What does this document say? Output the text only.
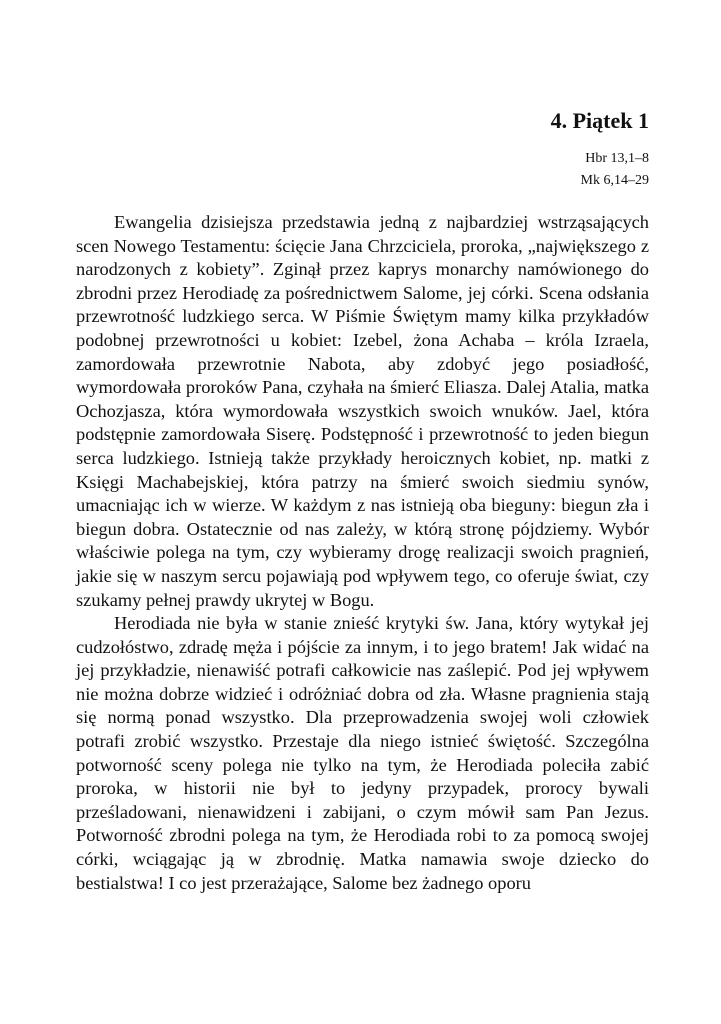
4. Piątek 1
Hbr 13,1–8
Mk 6,14–29

Ewangelia dzisiejsza przedstawia jedną z najbardziej wstrząsających scen Nowego Testamentu: ścięcie Jana Chrzciciela, proroka, „największego z narodzonych z kobiety”. Zginął przez kaprys monarchy namówionego do zbrodni przez Herodiadę za pośrednictwem Salome, jej córki. Scena odsłania przewrotność ludzkiego serca. W Piśmie Świętym mamy kilka przykładów podobnej przewrotności u kobiet: Izebel, żona Achaba – króla Izraela, zamordowała przewrotnie Nabota, aby zdobyć jego posiadłość, wymordowała proroków Pana, czyhała na śmierć Eliasza. Dalej Atalia, matka Ochozjasza, która wymordowała wszystkich swoich wnuków. Jael, która podstępnie zamordowała Siserę. Podstępność i przewrotność to jeden biegun serca ludzkiego. Istnieją także przykłady heroicznych kobiet, np. matki z Księgi Machabejskiej, która patrzy na śmierć swoich siedmiu synów, umacniając ich w wierze. W każdym z nas istnieją oba bieguny: biegun zła i biegun dobra. Ostatecznie od nas zależy, w którą stronę pójdziemy. Wybór właściwie polega na tym, czy wybieramy drogę realizacji swoich pragnień, jakie się w naszym sercu pojawiają pod wpływem tego, co oferuje świat, czy szukamy pełnej prawdy ukrytej w Bogu.

Herodiada nie była w stanie znieść krytyki św. Jana, który wytykał jej cudzołóstwo, zdradę męża i pójście za innym, i to jego bratem! Jak widać na jej przykładzie, nienawiść potrafi całkowicie nas zaślepić. Pod jej wpływem nie można dobrze widzieć i odróżniać dobra od zła. Własne pragnienia stają się normą ponad wszystko. Dla przeprowadzenia swojej woli człowiek potrafi zrobić wszystko. Przestaje dla niego istnieć świętość. Szczególna potworność sceny polega nie tylko na tym, że Herodiada poleciła zabić proroka, w historii nie był to jedyny przypadek, prorocy bywali prześladowani, nienawidzeni i zabijani, o czym mówił sam Pan Jezus. Potworność zbrodni polega na tym, że Herodiada robi to za pomocą swojej córki, wciągając ją w zbrodnię. Matka namawia swoje dziecko do bestialstwa! I co jest przerażające, Salome bez żadnego oporu
